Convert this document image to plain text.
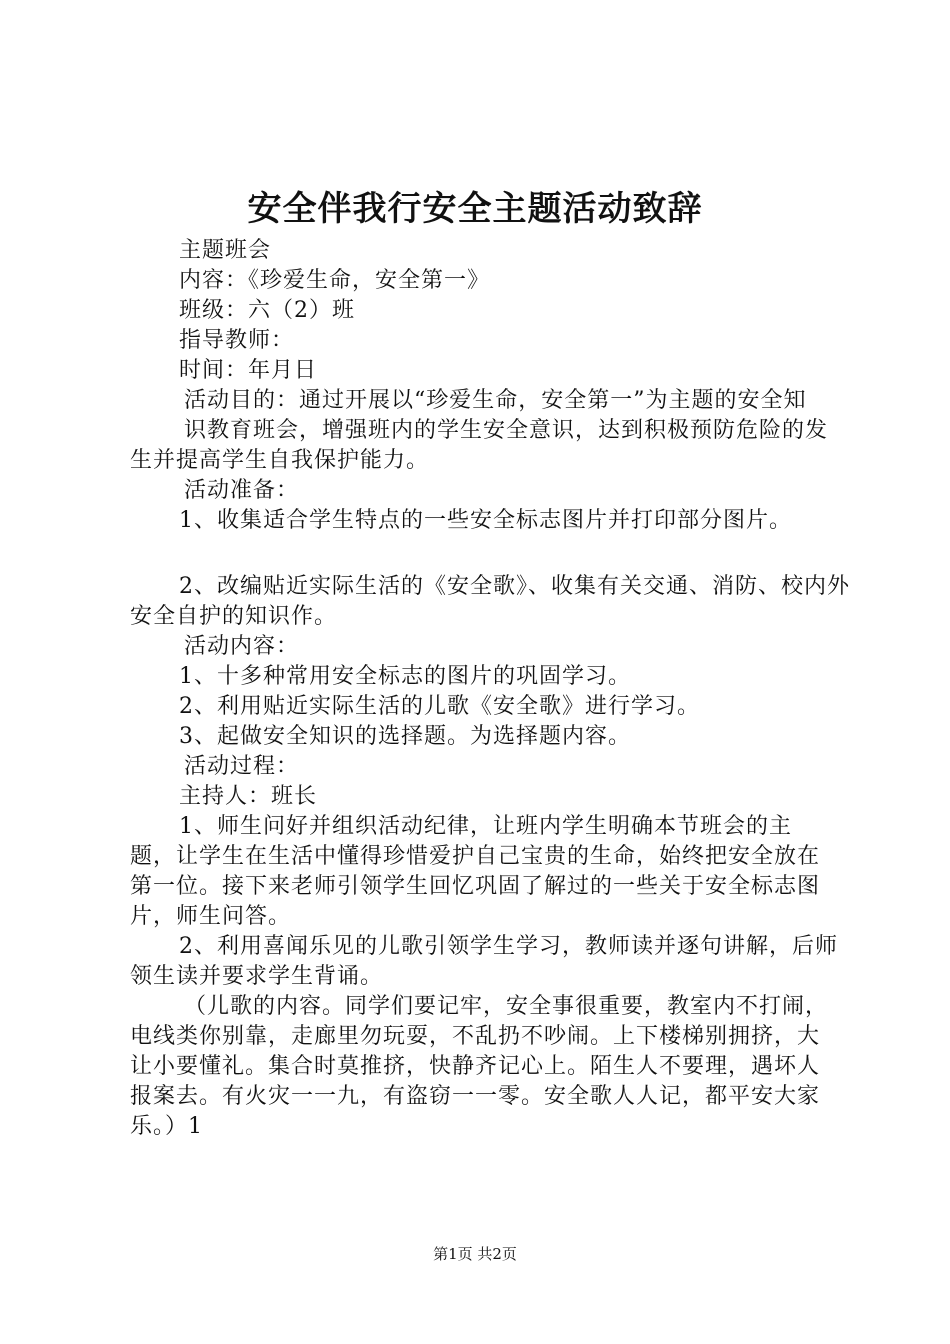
安全伴我行安全主题活动致辞

主题班会

内容：《珍爱生命，安全第一》

班级：六（2）班

指导教师：

时间：年月日

活动目的：通过开展以“珍爱生命，安全第一”为主题的安全知

识教育班会，增强班内的学生安全意识，达到积极预防危险的发生并提高学生自我保护能力。

活动准备：

1、收集适合学生特点的一些安全标志图片并打印部分图片。

2、改编贴近实际生活的《安全歌》、收集有关交通、消防、校内外安全自护的知识作。

活动内容：

1、十多种常用安全标志的图片的巩固学习。

2、利用贴近实际生活的儿歌《安全歌》进行学习。

3、起做安全知识的选择题。为选择题内容。

活动过程：

主持人：班长

1、师生问好并组织活动纪律，让班内学生明确本节班会的主题，让学生在生活中懂得珍惜爱护自己宝贵的生命，始终把安全放在第一位。接下来老师引领学生回忆巩固了解过的一些关于安全标志图片，师生问答。

2、利用喜闻乐见的儿歌引领学生学习，教师读并逐句讲解，后师领生读并要求学生背诵。

（儿歌的内容。同学们要记牢，安全事很重要，教室内不打闹，电线类你别靠，走廊里勿玩耍，不乱扔不吵闹。上下楼梯别拥挤，大让小要懂礼。集合时莫推挤，快静齐记心上。陌生人不要理，遇坏人报案去。有火灾一一九，有盗窃一一零。安全歌人人记，都平安大家乐。）1

第1页 共2页
